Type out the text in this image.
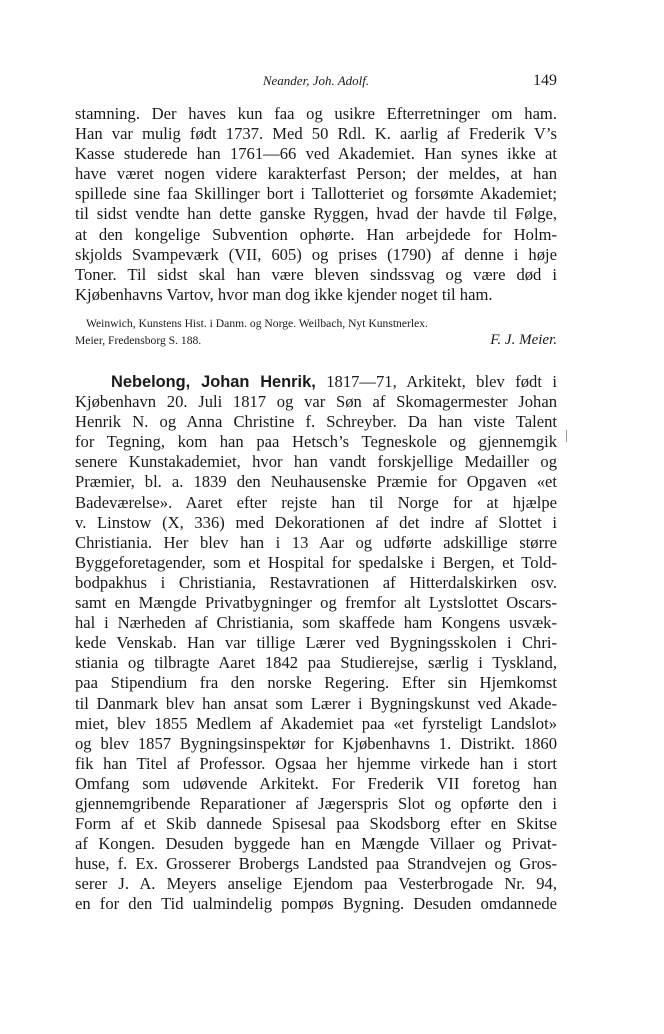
Neander, Joh. Adolf.	149
stamning. Der haves kun faa og usikre Efterretninger om ham.
Han var mulig født 1737. Med 50 Rdl. K. aarlig af Frederik V’s
Kasse studerede han 1761—66 ved Akademiet. Han synes ikke at
have været nogen videre karakterfast Person; der meldes, at han
spillede sine faa Skillinger bort i Tallotteriet og forsømte Akademiet;
til sidst vendte han dette ganske Ryggen, hvad der havde til Følge,
at den kongelige Subvention ophørte. Han arbejdede for Holm-
skjolds Svampeværk (VII, 605) og prises (1790) af denne i høje
Toner. Til sidst skal han være bleven sindssvag og være død i
Kjøbenhavns Vartov, hvor man dog ikke kjender noget til ham.
Weinwich, Kunstens Hist. i Danm. og Norge. Weilbach, Nyt Kunstnerlex.
Meier, Fredensborg S. 188.	F. J. Meier.
Nebelong, Johan Henrik, 1817—71, Arkitekt, blev født i
Kjøbenhavn 20. Juli 1817 og var Søn af Skomagermester Johan
Henrik N. og Anna Christine f. Schreyber. Da han viste Talent
for Tegning, kom han paa Hetsch’s Tegneskole og gjennemgik
senere Kunstakademiet, hvor han vandt forskjellige Medailler og
Præmier, bl. a. 1839 den Neuhausenske Præmie for Opgaven «et
Badeværelse». Aaret efter rejste han til Norge for at hjælpe
v. Linstow (X, 336) med Dekorationen af det indre af Slottet i
Christiania. Her blev han i 13 Aar og udførte adskillige større
Byggeforetagender, som et Hospital for spedalske i Bergen, et Told-
bodpakhus i Christiania, Restavrationen af Hitterdalskirken osv.
samt en Mængde Privatbygninger og fremfor alt Lystslottet Oscars-
hal i Nærheden af Christiania, som skaffede ham Kongens usvæk-
kede Venskab. Han var tillige Lærer ved Bygningsskolen i Chri-
stiania og tilbragte Aaret 1842 paa Studierejse, særlig i Tyskland,
paa Stipendium fra den norske Regering. Efter sin Hjemkomst
til Danmark blev han ansat som Lærer i Bygningskunst ved Akade-
miet, blev 1855 Medlem af Akademiet paa «et fyrsteligt Landslot»
og blev 1857 Bygningsinspektør for Kjøbenhavns 1. Distrikt. 1860
fik han Titel af Professor. Ogsaa her hjemme virkede han i stort
Omfang som udøvende Arkitekt. For Frederik VII foretog han
gjennemgribende Reparationer af Jægerspris Slot og opførte den i
Form af et Skib dannede Spisesal paa Skodsborg efter en Skitse
af Kongen. Desuden byggede han en Mængde Villaer og Privat-
huse, f. Ex. Grosserer Brobergs Landsted paa Strandvejen og Gros-
serer J. A. Meyers anselige Ejendom paa Vesterbrogade Nr. 94,
en for den Tid ualmindelig pompøs Bygning. Desuden omdannede
